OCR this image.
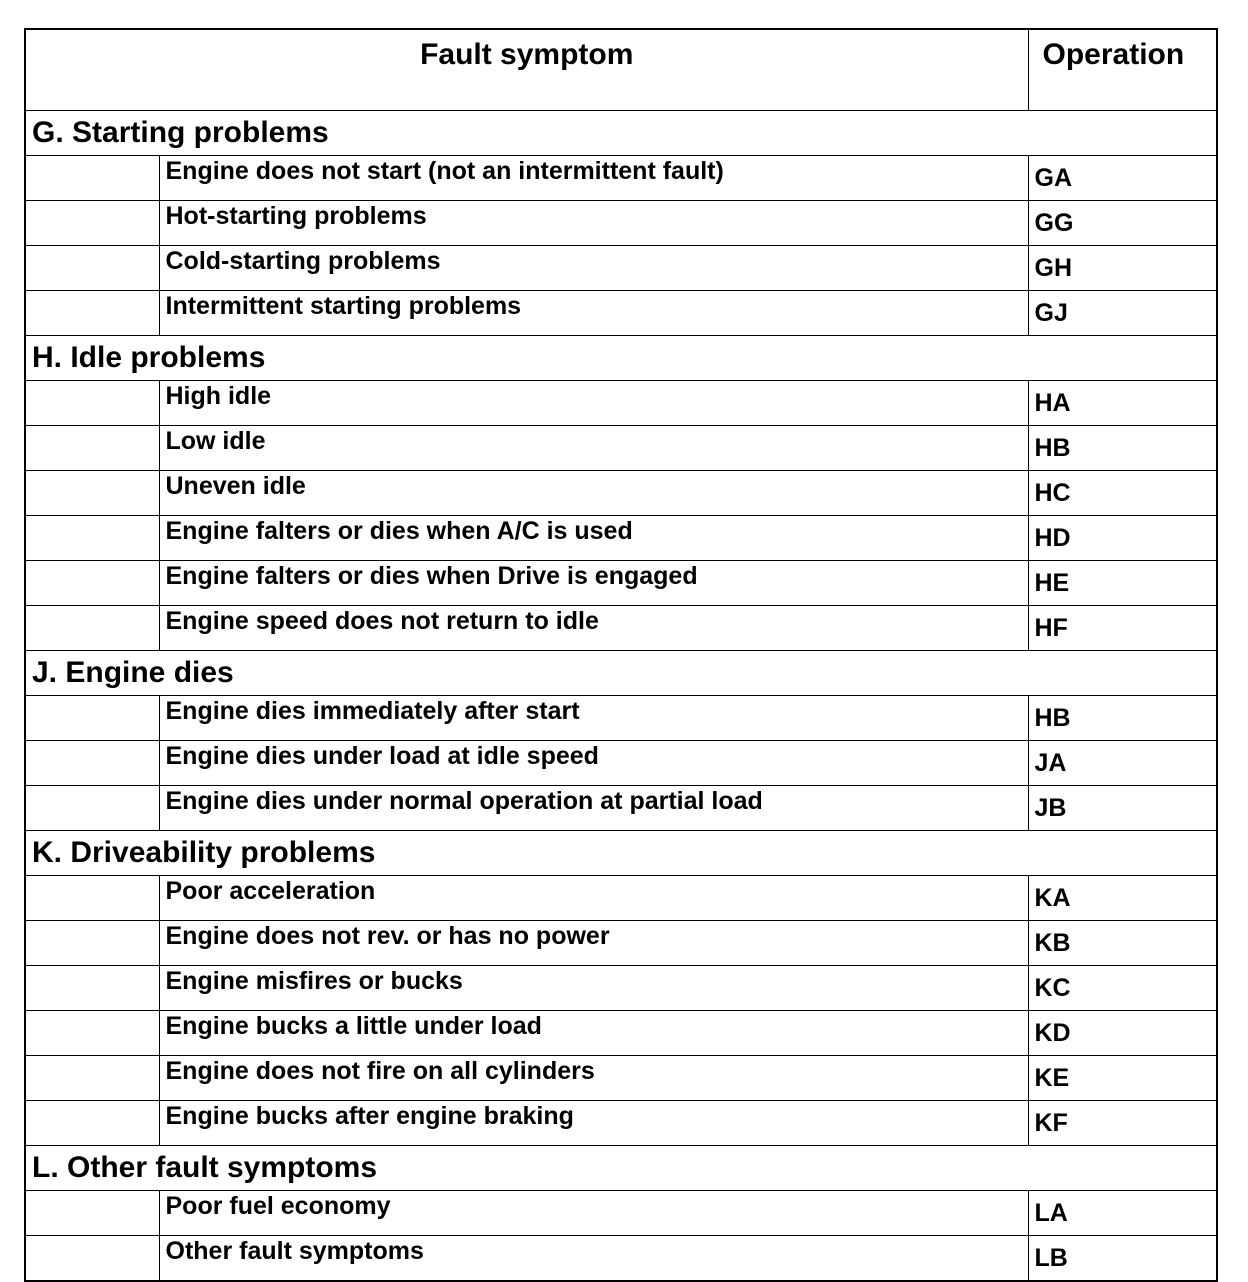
Fault symptom		Operation
G. Starting problems		
	Engine does not start (not an intermittent fault)	GA
	Hot-starting problems	GG
	Cold-starting problems	GH
	Intermittent starting problems	GJ
H. Idle problems		
	High idle	HA
	Low idle	HB
	Uneven idle	HC
	Engine falters or dies when A/C is used	HD
	Engine falters or dies when Drive is engaged	HE
	Engine speed does not return to idle	HF
J. Engine dies		
	Engine dies immediately after start	HB
	Engine dies under load at idle speed	JA
	Engine dies under normal operation at partial load	JB
K. Driveability problems		
	Poor acceleration	KA
	Engine does not rev. or has no power	KB
	Engine misfires or bucks	KC
	Engine bucks a little under load	KD
	Engine does not fire on all cylinders	KE
	Engine bucks after engine braking	KF
L. Other fault symptoms		
	Poor fuel economy	LA
	Other fault symptoms	LB
